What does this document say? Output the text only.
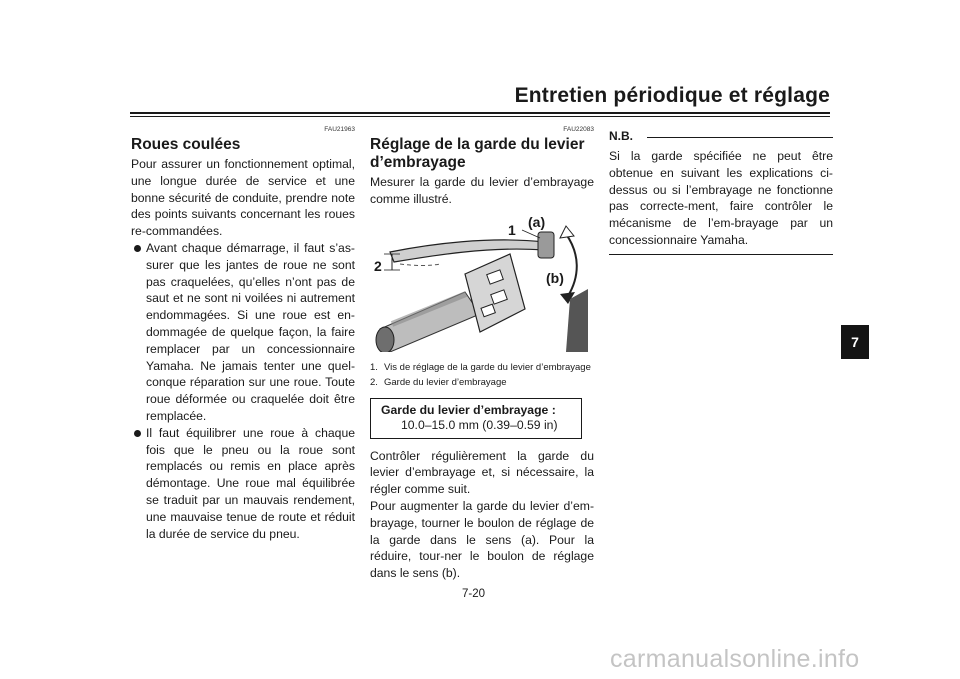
Entretien périodique et réglage
FAU21963
Roues coulées
Pour assurer un fonctionnement optimal, une longue durée de service et une bonne sécurité de conduite, prendre note des points suivants concernant les roues re-commandées.
Avant chaque démarrage, il faut s’as-surer que les jantes de roue ne sont pas craquelées, qu’elles n’ont pas de saut et ne sont ni voilées ni autrement endommagées. Si une roue est en-dommagée de quelque façon, la faire remplacer par un concessionnaire Yamaha. Ne jamais tenter une quel-conque réparation sur une roue. Toute roue déformée ou craquelée doit être remplacée.
Il faut équilibrer une roue à chaque fois que le pneu ou la roue sont remplacés ou remis en place après démontage. Une roue mal équilibrée se traduit par un mauvais rendement, une mauvaise tenue de route et réduit la durée de service du pneu.
FAU22083
Réglage de la garde du levier d’embrayage
Mesurer la garde du levier d’embrayage comme illustré.
1
2
(a)
(b)
1. Vis de réglage de la garde du levier d’embrayage
2. Garde du levier d’embrayage
Garde du levier d’embrayage :
10.0–15.0 mm (0.39–0.59 in)
Contrôler régulièrement la garde du levier d’embrayage et, si nécessaire, la régler comme suit.
Pour augmenter la garde du levier d’em-brayage, tourner le boulon de réglage de la garde dans le sens (a). Pour la réduire, tour-ner le boulon de réglage dans le sens (b).
N.B.
Si la garde spécifiée ne peut être obtenue en suivant les explications ci-dessus ou si l’embrayage ne fonctionne pas correcte-ment, faire contrôler le mécanisme de l’em-brayage par un concessionnaire Yamaha.
7
7-20
carmanualsonline.info
